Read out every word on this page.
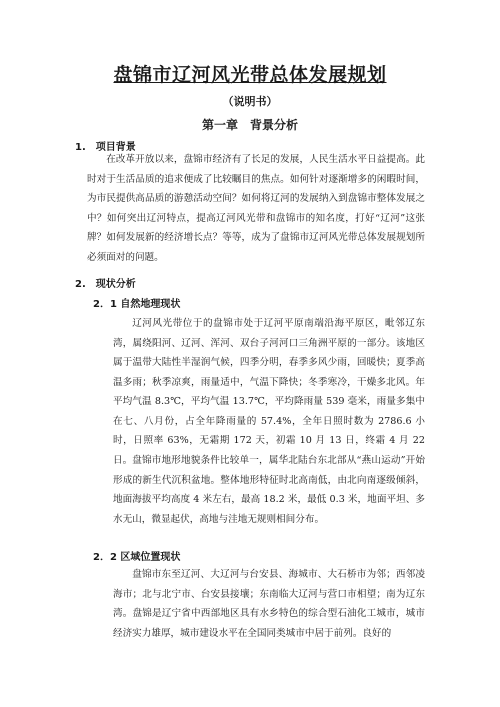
盘锦市辽河风光带总体发展规划
（说明书）
第一章　背景分析
1.　项目背景

在改革开放以来，盘锦市经济有了长足的发展，人民生活水平日益提高。此时对于生活品质的追求便成了比较瞩目的焦点。如何针对逐渐增多的闲暇时间，为市民提供高品质的游憩活动空间？如何将辽河的发展纳入到盘锦市整体发展之中？如何突出辽河特点，提高辽河风光带和盘锦市的知名度，打好“辽河”这张牌？如何发展新的经济增长点？等等，成为了盘锦市辽河风光带总体发展规划所必须面对的问题。

2.　现状分析
2．1 自然地理现状

辽河风光带位于的盘锦市处于辽河平原南端沿海平原区，毗邻辽东湾，属绕阳河、辽河、浑河、双台子河河口三角洲平原的一部分。该地区属于温带大陆性半湿润气候，四季分明，春季多风少雨，回暖快；夏季高温多雨；秋季凉爽，雨量适中，气温下降快；冬季寒冷，干燥多北风。年平均气温 8.3℃，平均气温 13.7℃，平均降雨量 539 毫米，雨量多集中在七、八月份，占全年降雨量的 57.4%，全年日照时数为 2786.6 小时，日照率 63%，无霜期 172 天，初霜 10 月 13 日，终霜 4 月 22 日。 盘锦市地形地貌条件比较单一，属华北陆台东北部从“燕山运动”开始形成的新生代沉积盆地。整体地形特征时北高南低，由北向南逐级倾斜，地面海拔平均高度 4 米左右，最高 18.2 米，最低 0.3 米，地面平坦、多水无山，微显起伏，高地与洼地无规则相间分布。

2．2 区域位置现状

盘锦市东至辽河、大辽河与台安县、海城市、大石桥市为邻；西邻凌海市；北与北宁市、台安县接壤；东南临大辽河与营口市相望；南为辽东湾。盘锦是辽宁省中西部地区具有水乡特色的综合型石油化工城市，城市经济实力雄厚，城市建设水平在全国同类城市中居于前列。良好的
